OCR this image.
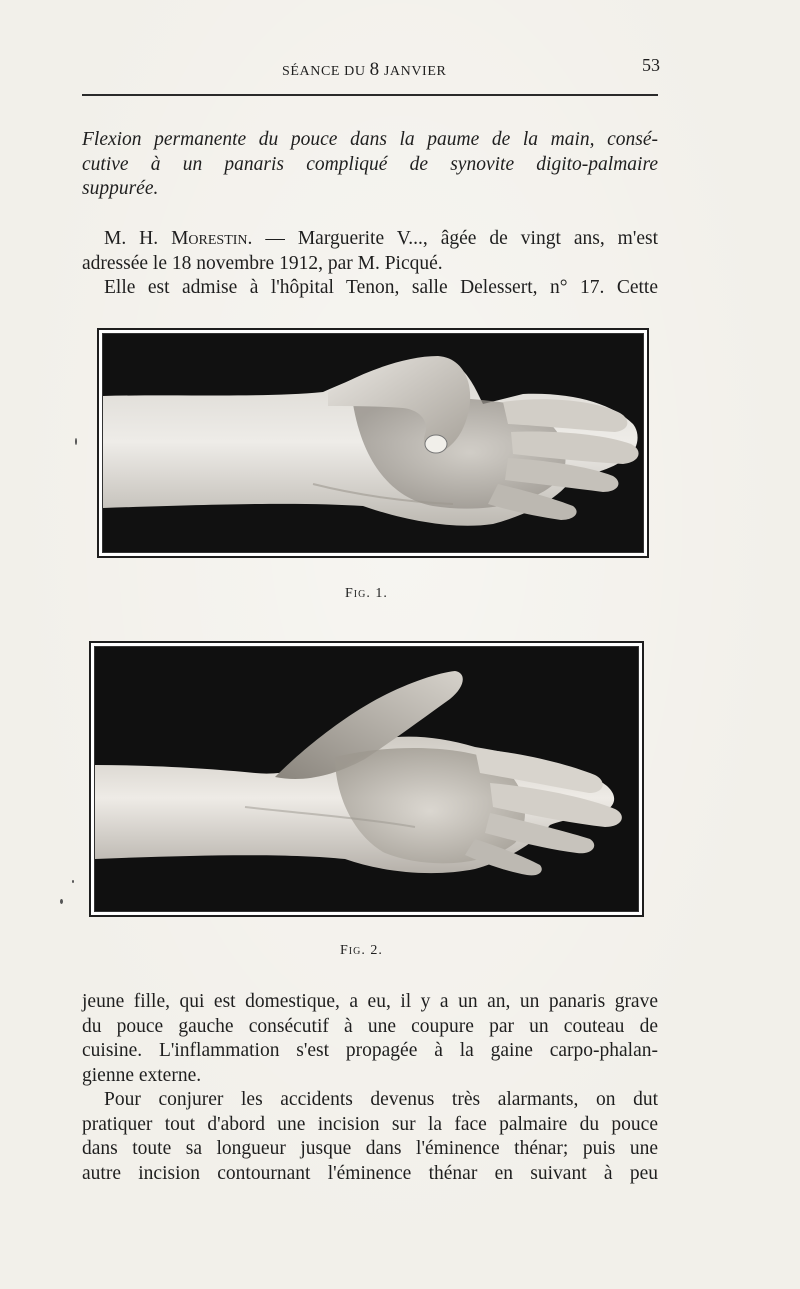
SÉANCE DU 8 JANVIER	53
Flexion permanente du pouce dans la paume de la main, consé-
cutive à un panaris compliqué de synovite digito-palmaire
suppurée.
M. H. Morestin. — Marguerite V..., âgée de vingt ans, m'est
adressée le 18 novembre 1912, par M. Picqué.
Elle est admise à l'hôpital Tenon, salle Delessert, n° 17. Cette
Fig. 1.
Fig. 2.
jeune fille, qui est domestique, a eu, il y a un an, un panaris grave
du pouce gauche consécutif à une coupure par un couteau de
cuisine. L'inflammation s'est propagée à la gaine carpo-phalan-
gienne externe.
Pour conjurer les accidents devenus très alarmants, on dut
pratiquer tout d'abord une incision sur la face palmaire du pouce
dans toute sa longueur jusque dans l'éminence thénar; puis une
autre incision contournant l'éminence thénar en suivant à peu
